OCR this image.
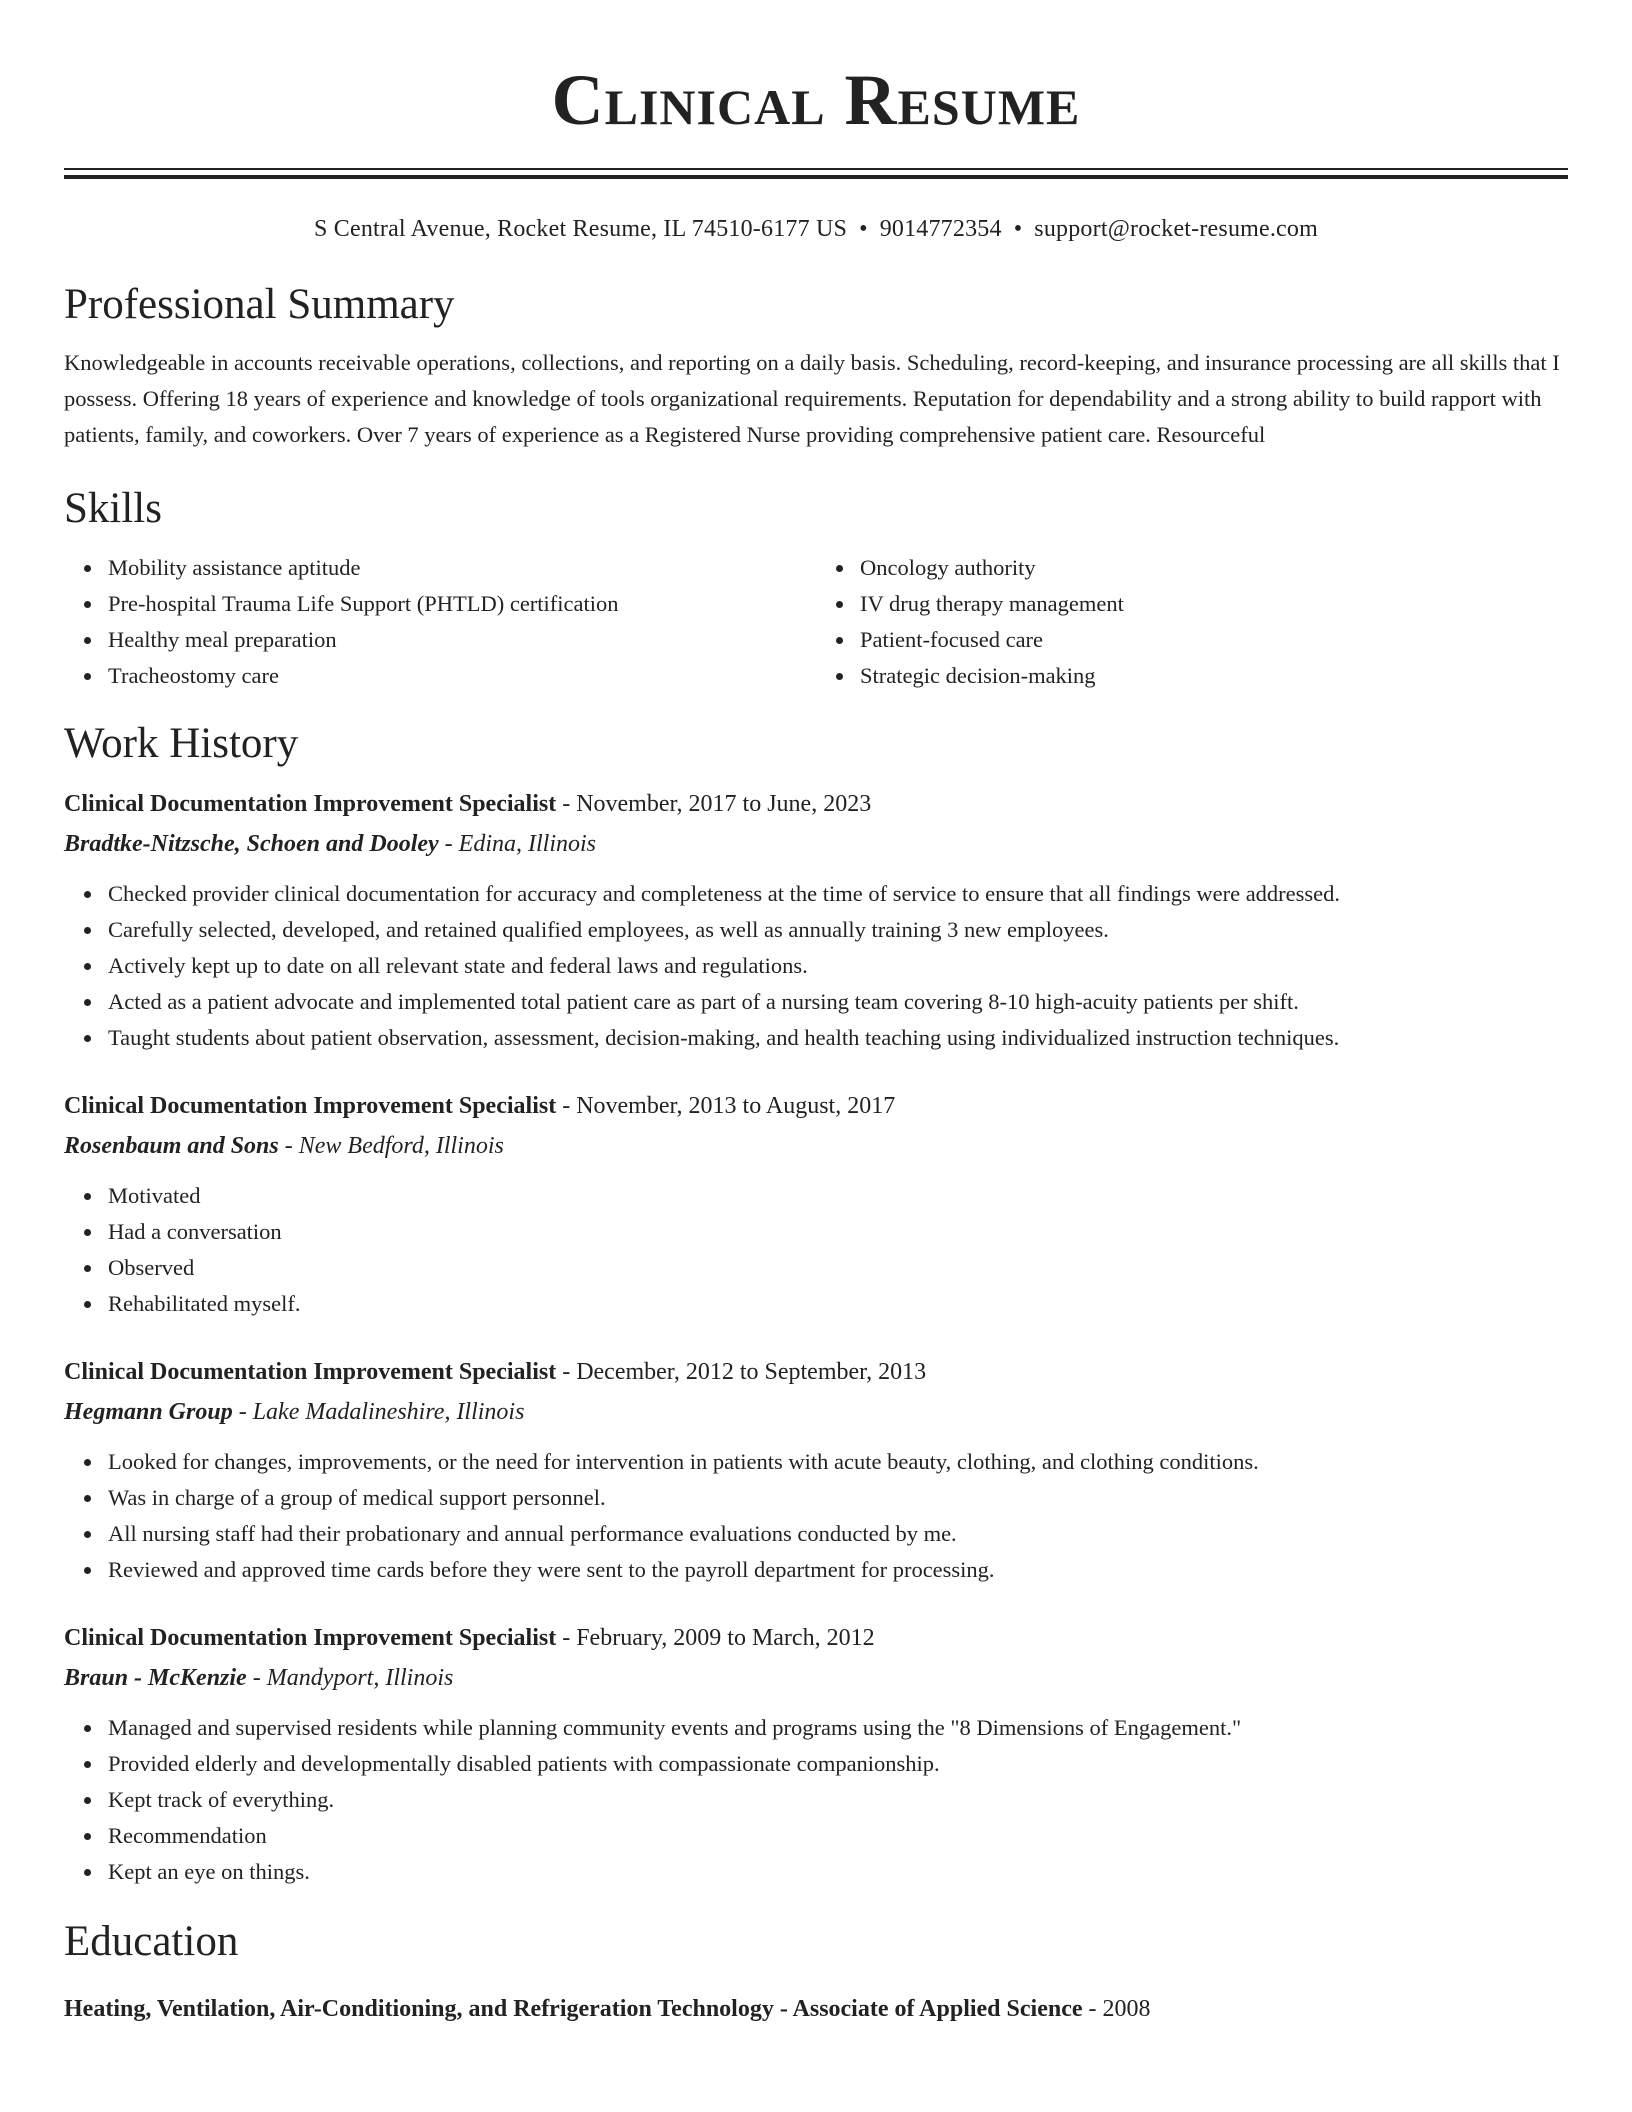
Clinical Resume
S Central Avenue, Rocket Resume, IL 74510-6177 US • 9014772354 • support@rocket-resume.com
Professional Summary

Knowledgeable in accounts receivable operations, collections, and reporting on a daily basis. Scheduling, record-keeping, and insurance processing are all skills that I possess. Offering 18 years of experience and knowledge of tools organizational requirements. Reputation for dependability and a strong ability to build rapport with patients, family, and coworkers. Over 7 years of experience as a Registered Nurse providing comprehensive patient care. Resourceful

Skills
Mobility assistance aptitude
Pre-hospital Trauma Life Support (PHTLD) certification
Healthy meal preparation
Tracheostomy care
Oncology authority
IV drug therapy management
Patient-focused care
Strategic decision-making
Work History
Clinical Documentation Improvement Specialist - November, 2017 to June, 2023
Bradtke-Nitzsche, Schoen and Dooley - Edina, Illinois
Checked provider clinical documentation for accuracy and completeness at the time of service to ensure that all findings were addressed.
Carefully selected, developed, and retained qualified employees, as well as annually training 3 new employees.
Actively kept up to date on all relevant state and federal laws and regulations.
Acted as a patient advocate and implemented total patient care as part of a nursing team covering 8-10 high-acuity patients per shift.
Taught students about patient observation, assessment, decision-making, and health teaching using individualized instruction techniques.
Clinical Documentation Improvement Specialist - November, 2013 to August, 2017
Rosenbaum and Sons - New Bedford, Illinois
Motivated
Had a conversation
Observed
Rehabilitated myself.
Clinical Documentation Improvement Specialist - December, 2012 to September, 2013
Hegmann Group - Lake Madalineshire, Illinois
Looked for changes, improvements, or the need for intervention in patients with acute beauty, clothing, and clothing conditions.
Was in charge of a group of medical support personnel.
All nursing staff had their probationary and annual performance evaluations conducted by me.
Reviewed and approved time cards before they were sent to the payroll department for processing.
Clinical Documentation Improvement Specialist - February, 2009 to March, 2012
Braun - McKenzie - Mandyport, Illinois
Managed and supervised residents while planning community events and programs using the "8 Dimensions of Engagement."
Provided elderly and developmentally disabled patients with compassionate companionship.
Kept track of everything.
Recommendation
Kept an eye on things.
Education
Heating, Ventilation, Air-Conditioning, and Refrigeration Technology - Associate of Applied Science - 2008
